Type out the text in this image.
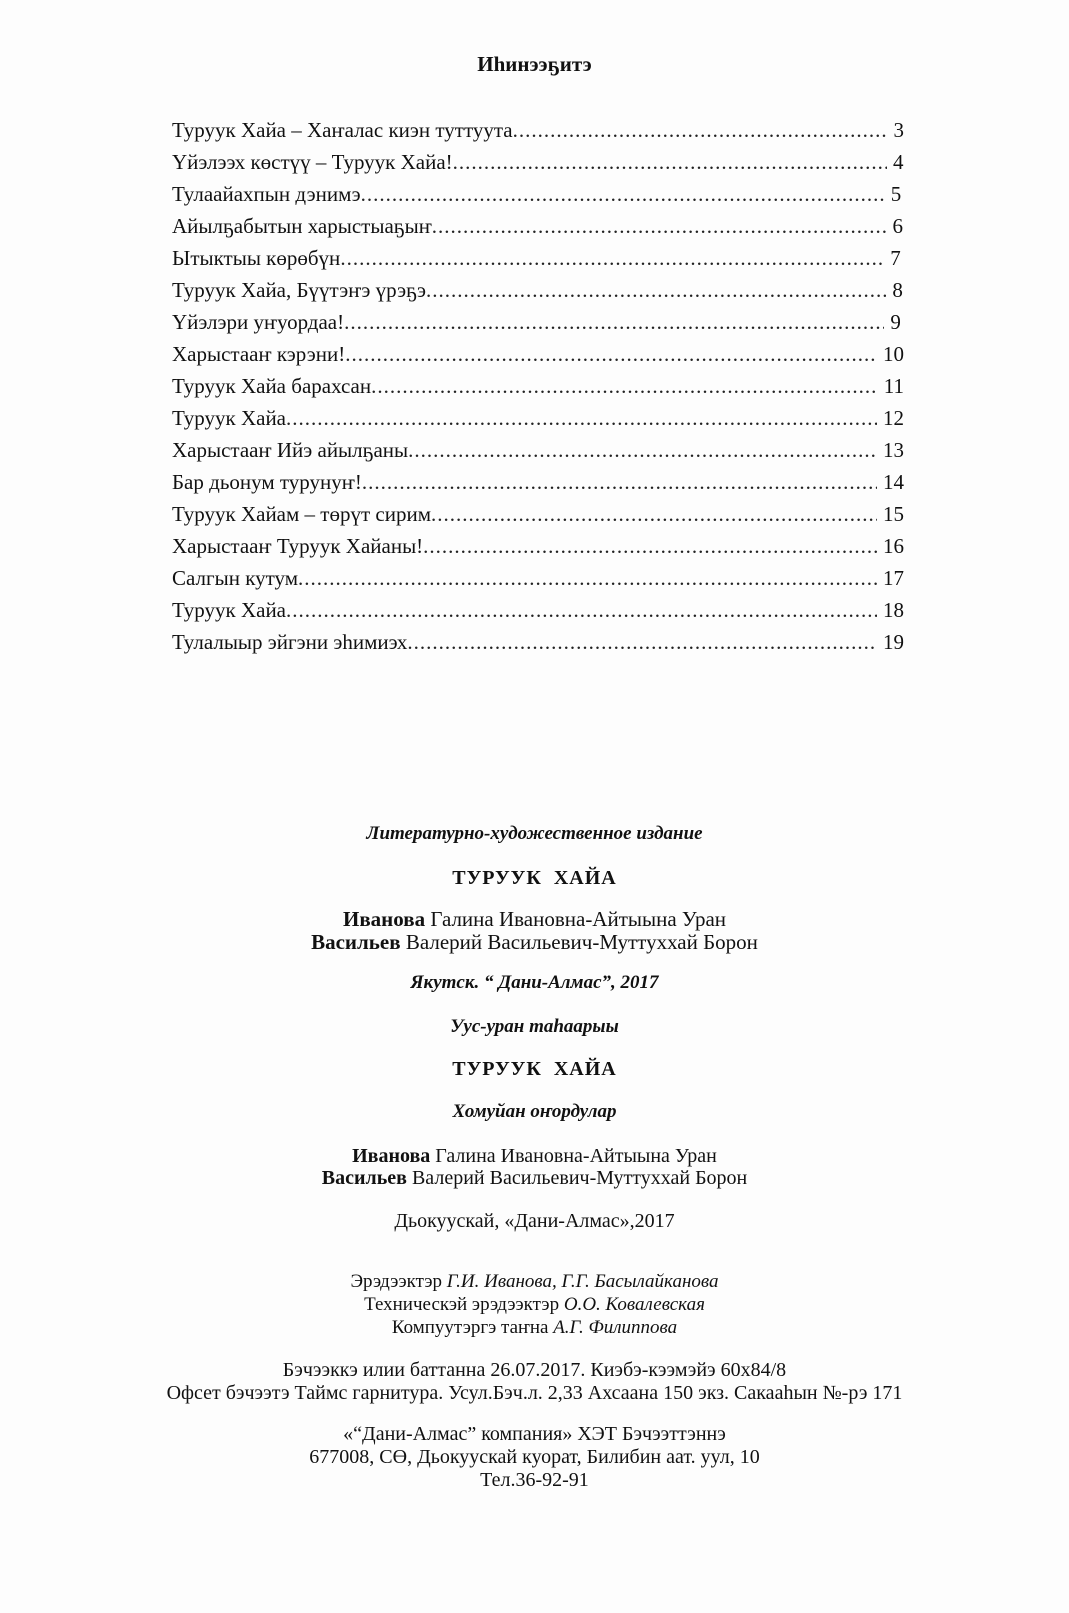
Иhинээҕитэ
Туруук Хайа – Хаҥалас киэн туттуута .....	3
Үйэлээх көстүү – Туруук Хайа! .....	4
Тулаайахпын дэнимэ .....	5
Айылҕабытын харыстыаҕыҥ .....	6
Ытыктыы көрөбүн .....	7
Туруук Хайа, Бүүтэҥэ үрэҕэ .....	8
Үйэлэри уҥуордаа! .....	9
Харыстааҥ кэрэни! .....	10
Туруук Хайа барахсан .....	11
Туруук Хайа .....	12
Харыстааҥ Ийэ айылҕаны .....	13
Бар дьонум турунуҥ! .....	14
Туруук Хайам – төрүт сирим .....	15
Харыстааҥ Туруук Хайаны! .....	16
Салгын кутум .....	17
Туруук Хайа .....	18
Тулалыыр эйгэни эhимиэх .....	19
Литературно-художественное издание
ТУРУУК  ХАЙА
Иванова Галина Ивановна-Айтыына Уран
Васильев Валерий Васильевич-Муттуххай Борон
Якутск. “ Дани-Алмас”, 2017
Уус-уран таhаарыы
ТУРУУК  ХАЙА
Хомуйан оҥордулар
Иванова Галина Ивановна-Айтыына Уран
Васильев Валерий Васильевич-Муттуххай Борон
Дьокуускай, «Дани-Алмас»,2017
Эрэдээктэр Г.И. Иванова, Г.Г. Басылайканова
Техническэй эрэдээктэр О.О. Ковалевская
Компуутэргэ таҥна А.Г. Филиппова
Бэчээккэ илии баттанна 26.07.2017. Киэбэ-кээмэйэ 60х84/8
Офсет бэчээтэ Таймс гарнитура. Усул.Бэч.л. 2,33 Ахсаана 150 экз. Сакааhын №-рэ 171
«“Дани-Алмас” компания» ХЭТ Бэчээттэннэ
677008, СӨ, Дьокуускай куорат, Билибин аат. уул, 10
Тел.36-92-91
